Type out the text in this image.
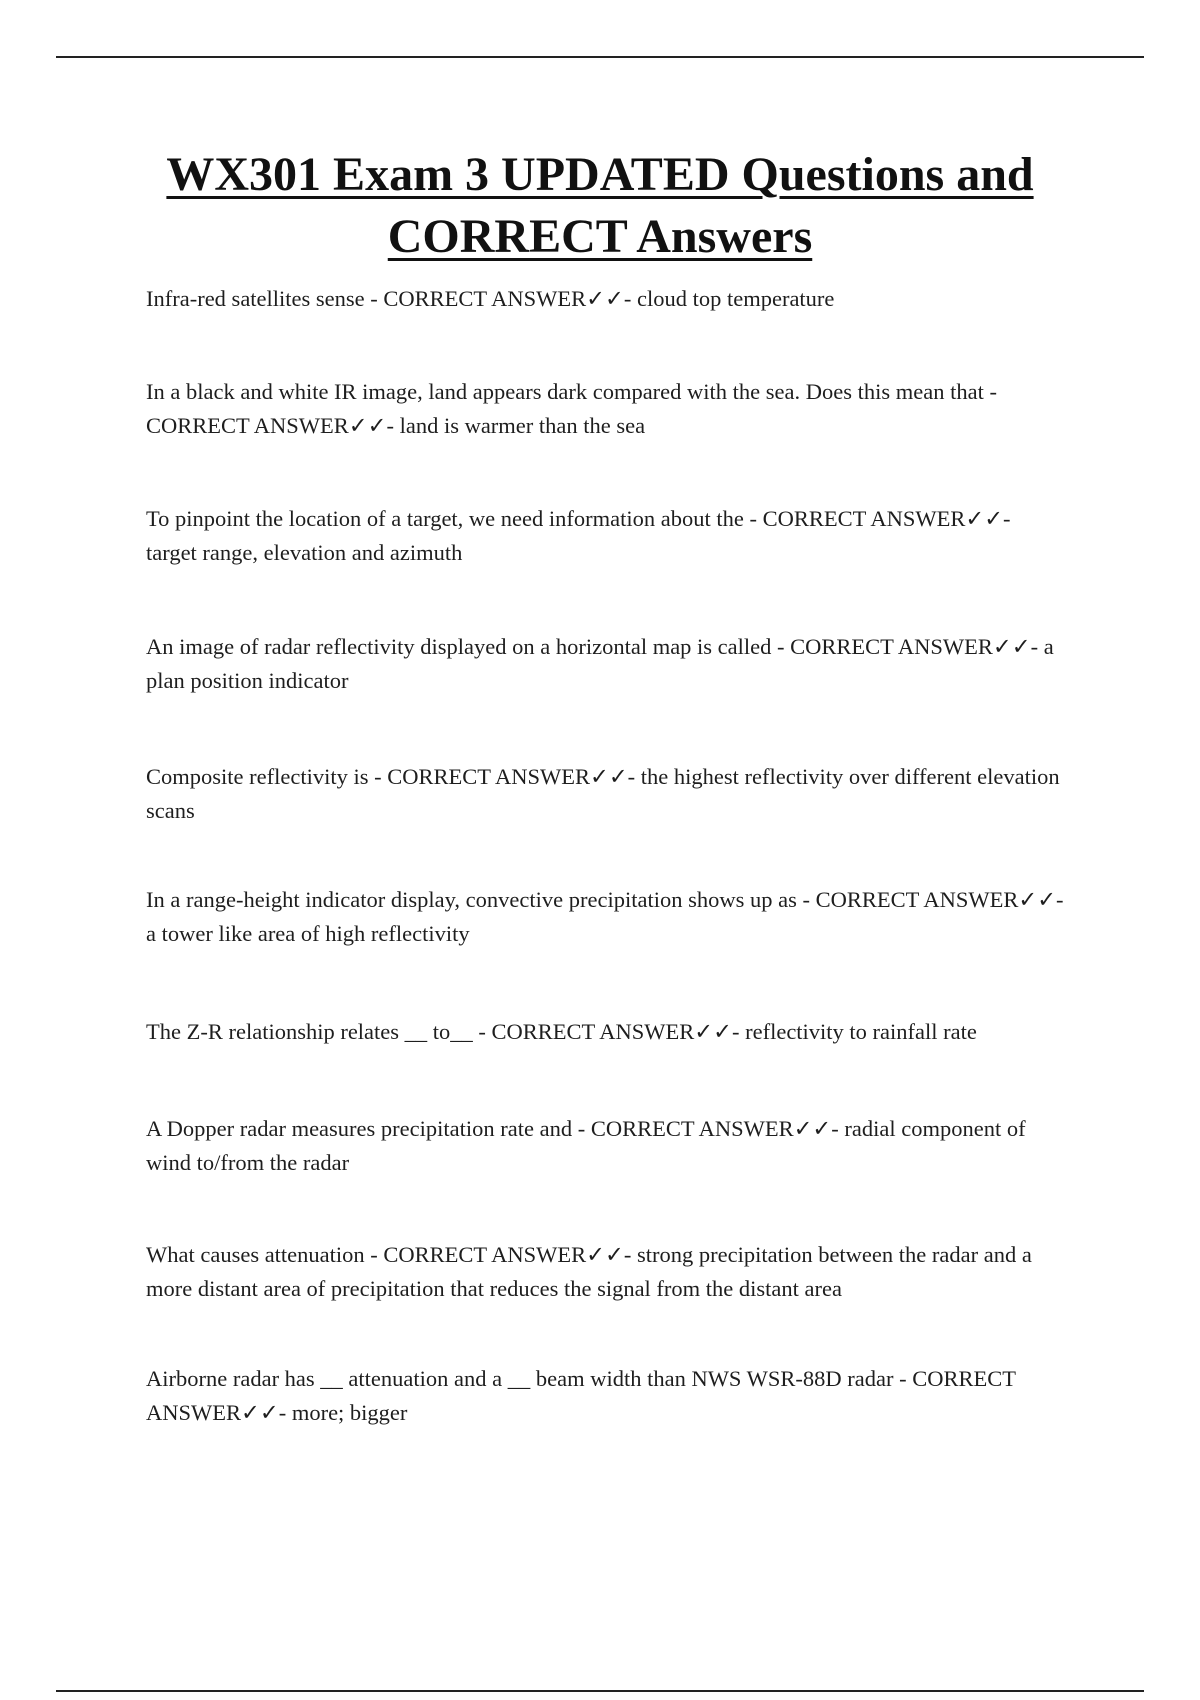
WX301 Exam 3 UPDATED Questions and CORRECT Answers

Infra-red satellites sense - CORRECT ANSWER✓✓- cloud top temperature

In a black and white IR image, land appears dark compared with the sea. Does this mean that - CORRECT ANSWER✓✓- land is warmer than the sea

To pinpoint the location of a target, we need information about the - CORRECT ANSWER✓✓- target range, elevation and azimuth

An image of radar reflectivity displayed on a horizontal map is called - CORRECT ANSWER✓✓- a plan position indicator

Composite reflectivity is - CORRECT ANSWER✓✓- the highest reflectivity over different elevation scans

In a range-height indicator display, convective precipitation shows up as - CORRECT ANSWER✓✓- a tower like area of high reflectivity

The Z-R relationship relates __ to__ - CORRECT ANSWER✓✓- reflectivity to rainfall rate

A Dopper radar measures precipitation rate and - CORRECT ANSWER✓✓- radial component of wind to/from the radar

What causes attenuation - CORRECT ANSWER✓✓- strong precipitation between the radar and a more distant area of precipitation that reduces the signal from the distant area

Airborne radar has __ attenuation and a __ beam width than NWS WSR-88D radar - CORRECT ANSWER✓✓- more; bigger
